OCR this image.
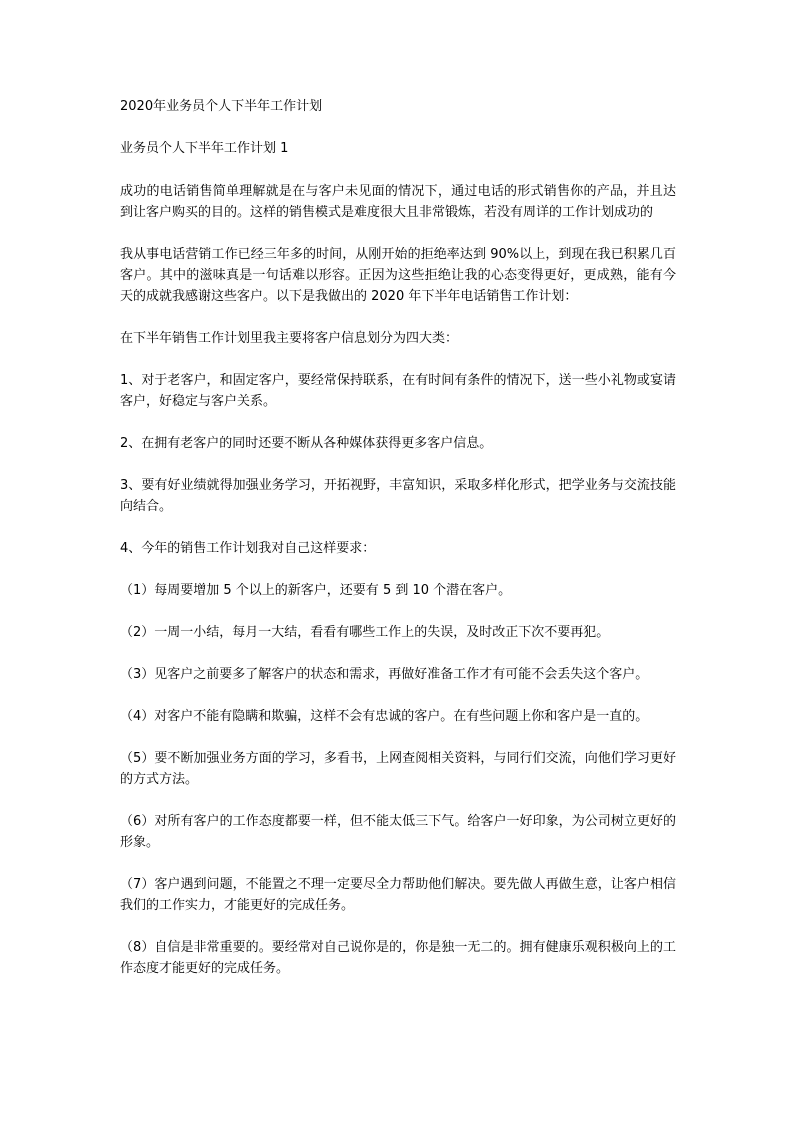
2020年业务员个人下半年工作计划
业务员个人下半年工作计划 1

成功的电话销售简单理解就是在与客户未见面的情况下，通过电话的形式销售你的产品，并且达到让客户购买的目的。这样的销售模式是难度很大且非常锻炼，若没有周详的工作计划成功的

我从事电话营销工作已经三年多的时间，从刚开始的拒绝率达到 90%以上，到现在我已积累几百客户。其中的滋味真是一句话难以形容。正因为这些拒绝让我的心态变得更好，更成熟，能有今天的成就我感谢这些客户。以下是我做出的 2020 年下半年电话销售工作计划：

在下半年销售工作计划里我主要将客户信息划分为四大类：

1、对于老客户，和固定客户，要经常保持联系，在有时间有条件的情况下，送一些小礼物或宴请客户，好稳定与客户关系。

2、在拥有老客户的同时还要不断从各种媒体获得更多客户信息。

3、要有好业绩就得加强业务学习，开拓视野，丰富知识，采取多样化形式，把学业务与交流技能向结合。

4、今年的销售工作计划我对自己这样要求：

（1）每周要增加 5 个以上的新客户，还要有 5 到 10 个潜在客户。

（2）一周一小结，每月一大结，看看有哪些工作上的失误，及时改正下次不要再犯。

（3）见客户之前要多了解客户的状态和需求，再做好准备工作才有可能不会丢失这个客户。

（4）对客户不能有隐瞒和欺骗，这样不会有忠诚的客户。在有些问题上你和客户是一直的。

（5）要不断加强业务方面的学习，多看书，上网查阅相关资料，与同行们交流，向他们学习更好的方式方法。

（6）对所有客户的工作态度都要一样，但不能太低三下气。给客户一好印象，为公司树立更好的形象。

（7）客户遇到问题，不能置之不理一定要尽全力帮助他们解决。要先做人再做生意，让客户相信我们的工作实力，才能更好的完成任务。

（8）自信是非常重要的。要经常对自己说你是的，你是独一无二的。拥有健康乐观积极向上的工作态度才能更好的完成任务。
